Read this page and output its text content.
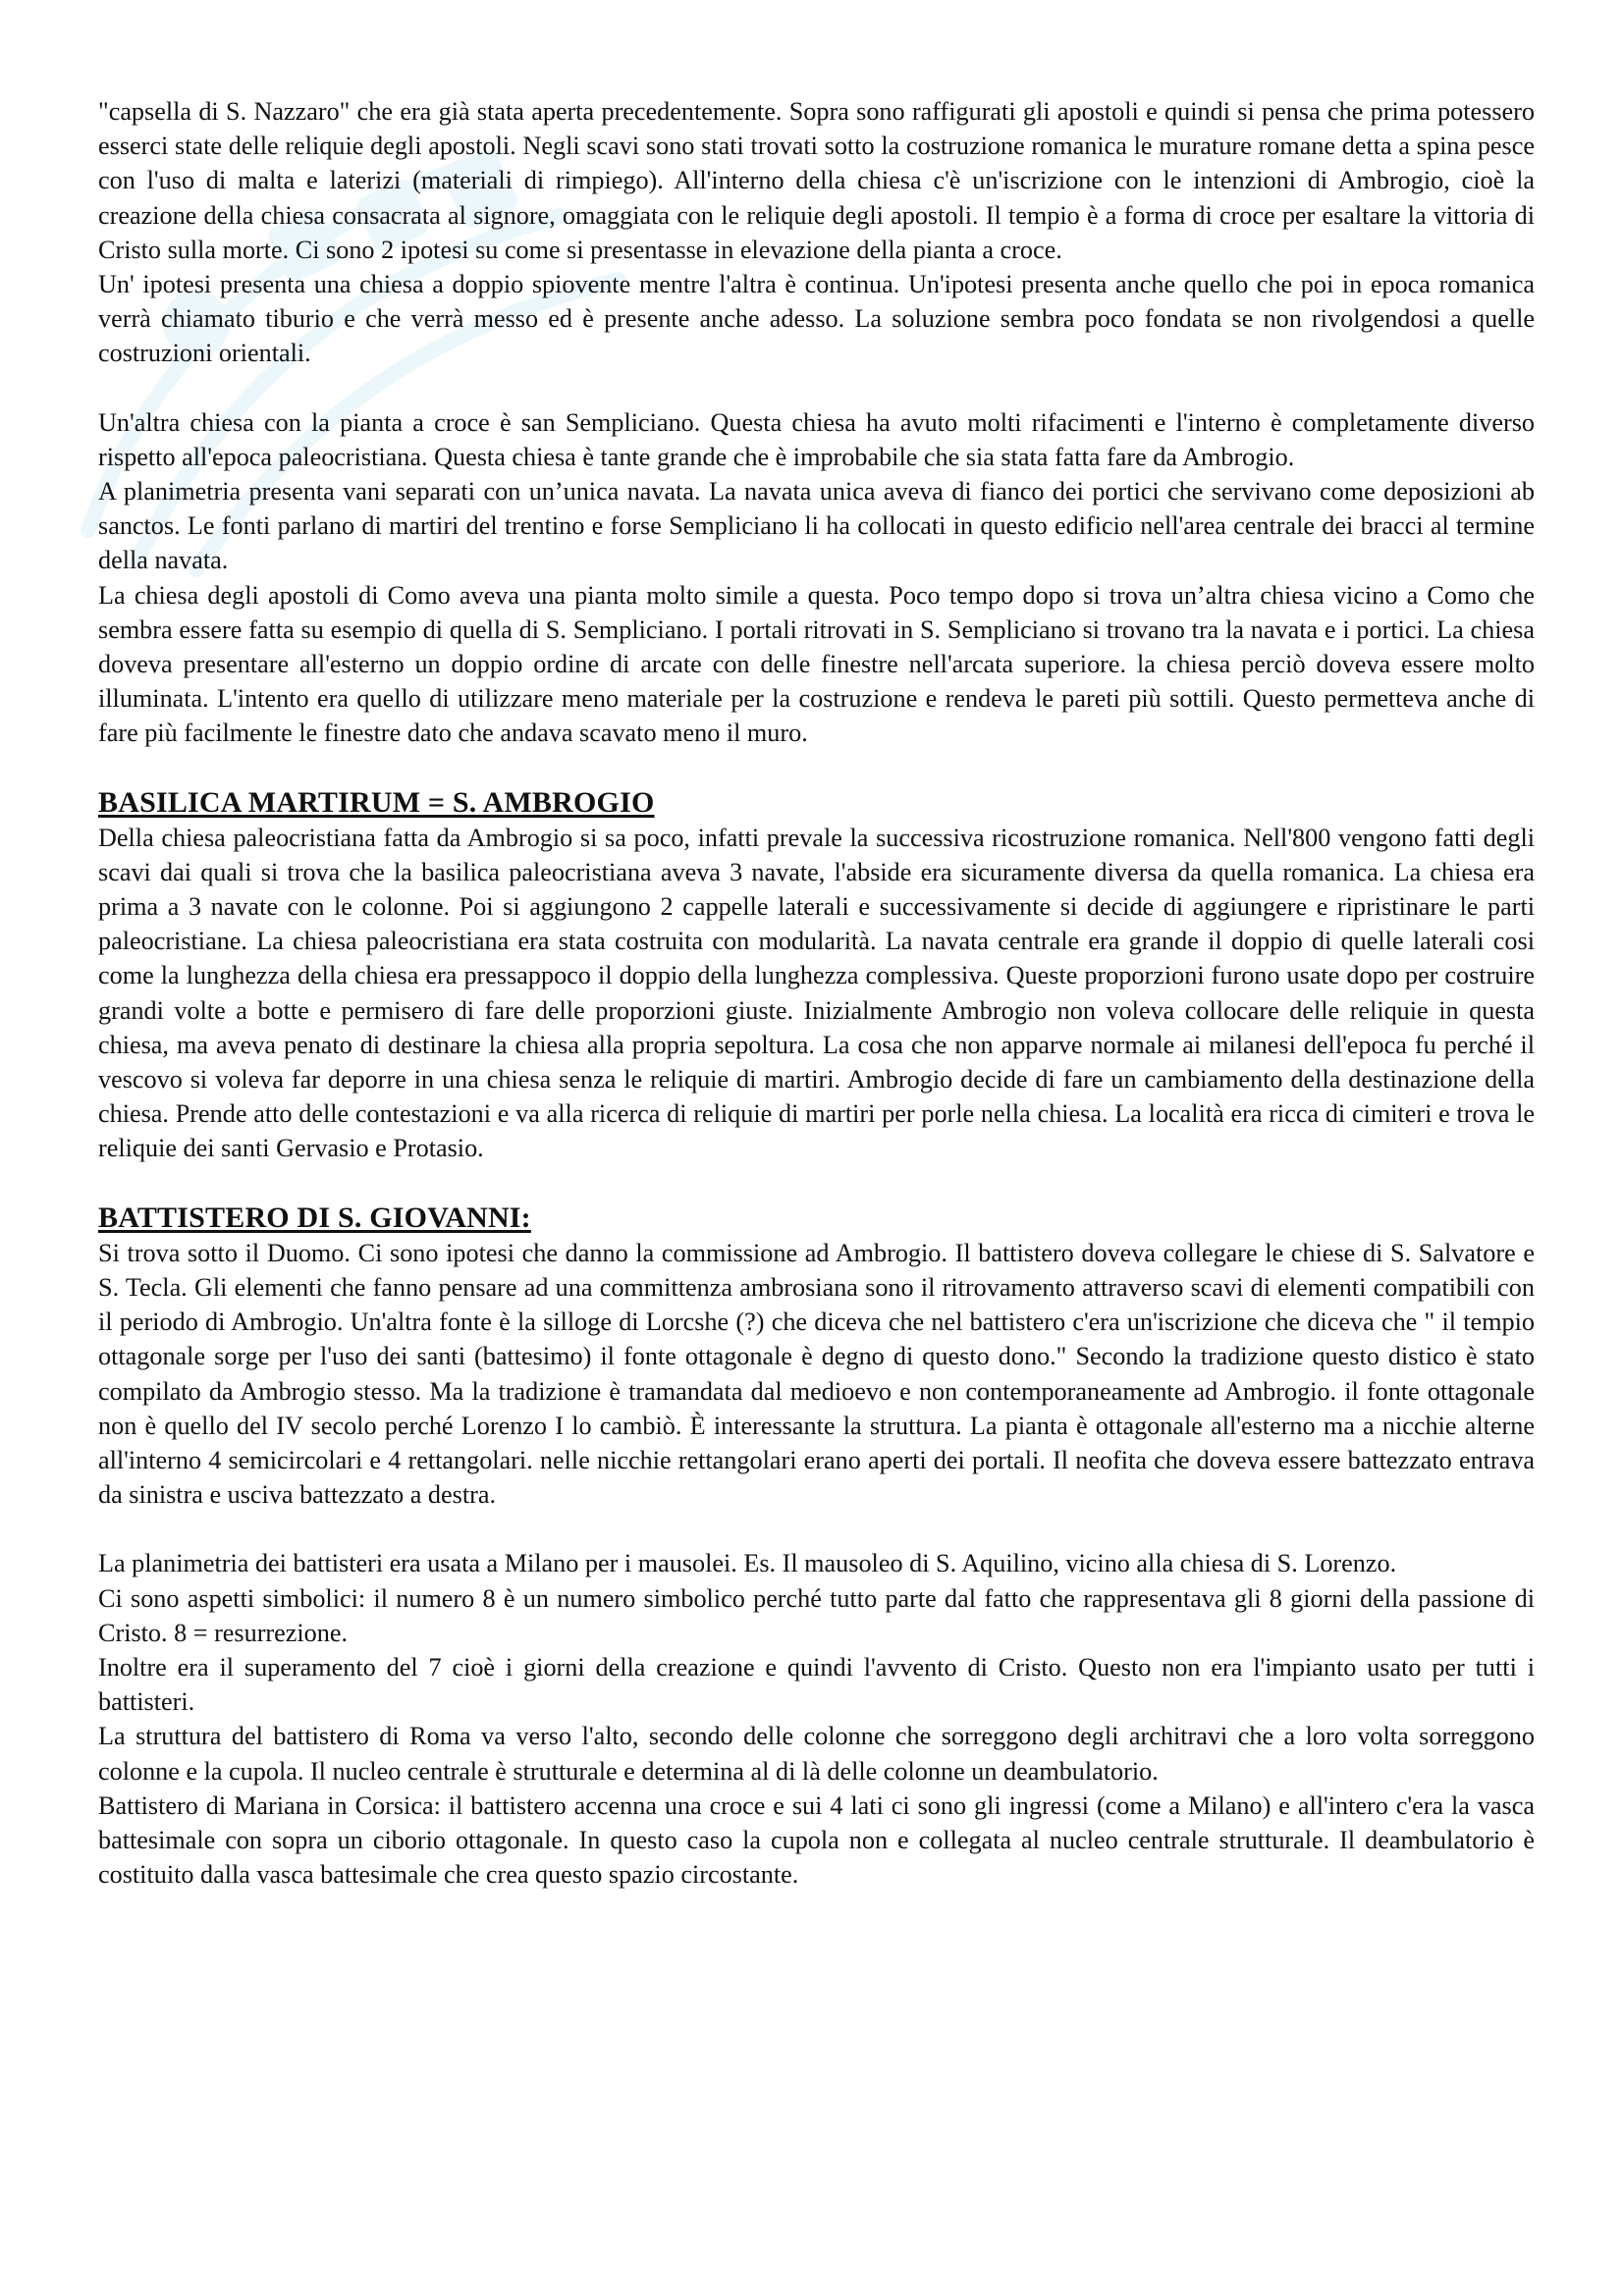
"capsella di S. Nazzaro" che era già stata aperta precedentemente. Sopra sono raffigurati gli apostoli e quindi si pensa che prima potessero esserci state delle reliquie degli apostoli. Negli scavi sono stati trovati sotto la costruzione romanica le murature romane detta a spina pesce con l'uso di malta e laterizi (materiali di rimpiego). All'interno della chiesa c'è un'iscrizione con le intenzioni di Ambrogio, cioè la creazione della chiesa consacrata al signore, omaggiata con le reliquie degli apostoli. Il tempio è a forma di croce per esaltare la vittoria di Cristo sulla morte. Ci sono 2 ipotesi su come si presentasse in elevazione della pianta a croce.

Un' ipotesi presenta una chiesa a doppio spiovente mentre l'altra è continua. Un'ipotesi presenta anche quello che poi in epoca romanica verrà chiamato tiburio e che verrà messo ed è presente anche adesso. La soluzione sembra poco fondata se non rivolgendosi a quelle costruzioni orientali.

Un'altra chiesa con la pianta a croce è san Sempliciano. Questa chiesa ha avuto molti rifacimenti e l'interno è completamente diverso rispetto all'epoca paleocristiana. Questa chiesa è tante grande che è improbabile che sia stata fatta fare da Ambrogio.

A planimetria presenta vani separati con un’unica navata. La navata unica aveva di fianco dei portici che servivano come deposizioni ab sanctos. Le fonti parlano di martiri del trentino e forse Sempliciano li ha collocati in questo edificio nell'area centrale dei bracci al termine della navata.

La chiesa degli apostoli di Como aveva una pianta molto simile a questa. Poco tempo dopo si trova un’altra chiesa vicino a Como che sembra essere fatta su esempio di quella di S. Sempliciano. I portali ritrovati in S. Sempliciano si trovano tra la navata e i portici. La chiesa doveva presentare all'esterno un doppio ordine di arcate con delle finestre nell'arcata superiore. la chiesa perciò doveva essere molto illuminata. L'intento era quello di utilizzare meno materiale per la costruzione e rendeva le pareti più sottili. Questo permetteva anche di fare più facilmente le finestre dato che andava scavato meno il muro.

BASILICA MARTIRUM = S. AMBROGIO

Della chiesa paleocristiana fatta da Ambrogio si sa poco, infatti prevale la successiva ricostruzione romanica. Nell'800 vengono fatti degli scavi dai quali si trova che la basilica paleocristiana aveva 3 navate, l'abside era sicuramente diversa da quella romanica. La chiesa era prima a 3 navate con le colonne. Poi si aggiungono 2 cappelle laterali e successivamente si decide di aggiungere e ripristinare le parti paleocristiane. La chiesa paleocristiana era stata costruita con modularità. La navata centrale era grande il doppio di quelle laterali cosi come la lunghezza della chiesa era pressappoco il doppio della lunghezza complessiva. Queste proporzioni furono usate dopo per costruire grandi volte a botte e permisero di fare delle proporzioni giuste. Inizialmente Ambrogio non voleva collocare delle reliquie in questa chiesa, ma aveva penato di destinare la chiesa alla propria sepoltura. La cosa che non apparve normale ai milanesi dell'epoca fu perché il vescovo si voleva far deporre in una chiesa senza le reliquie di martiri. Ambrogio decide di fare un cambiamento della destinazione della chiesa. Prende atto delle contestazioni e va alla ricerca di reliquie di martiri per porle nella chiesa. La località era ricca di cimiteri e trova le reliquie dei santi Gervasio e Protasio.

BATTISTERO DI S. GIOVANNI:

Si trova sotto il Duomo. Ci sono ipotesi che danno la commissione ad Ambrogio. Il battistero doveva collegare le chiese di S. Salvatore e S. Tecla. Gli elementi che fanno pensare ad una committenza ambrosiana sono il ritrovamento attraverso scavi di elementi compatibili con il periodo di Ambrogio. Un'altra fonte è la silloge di Lorcshe (?) che diceva che nel battistero c'era un'iscrizione che diceva che " il tempio ottagonale sorge per l'uso dei santi (battesimo) il fonte ottagonale è degno di questo dono." Secondo la tradizione questo distico è stato compilato da Ambrogio stesso. Ma la tradizione è tramandata dal medioevo e non contemporaneamente ad Ambrogio. il fonte ottagonale non è quello del IV secolo perché Lorenzo I lo cambiò. È interessante la struttura. La pianta è ottagonale all'esterno ma a nicchie alterne all'interno 4 semicircolari e 4 rettangolari. nelle nicchie rettangolari erano aperti dei portali. Il neofita che doveva essere battezzato entrava da sinistra e usciva battezzato a destra.

La planimetria dei battisteri era usata a Milano per i mausolei. Es. Il mausoleo di S. Aquilino, vicino alla chiesa di S. Lorenzo.

Ci sono aspetti simbolici: il numero 8 è un numero simbolico perché tutto parte dal fatto che rappresentava gli 8 giorni della passione di Cristo. 8 = resurrezione.

Inoltre era il superamento del 7 cioè i giorni della creazione e quindi l'avvento di Cristo. Questo non era l'impianto usato per tutti i battisteri.

La struttura del battistero di Roma va verso l'alto, secondo delle colonne che sorreggono degli architravi che a loro volta sorreggono colonne e la cupola. Il nucleo centrale è strutturale e determina al di là delle colonne un deambulatorio.

Battistero di Mariana in Corsica: il battistero accenna una croce e sui 4 lati ci sono gli ingressi (come a Milano) e all'intero c'era la vasca battesimale con sopra un ciborio ottagonale. In questo caso la cupola non e collegata al nucleo centrale strutturale. Il deambulatorio è costituito dalla vasca battesimale che crea questo spazio circostante.
